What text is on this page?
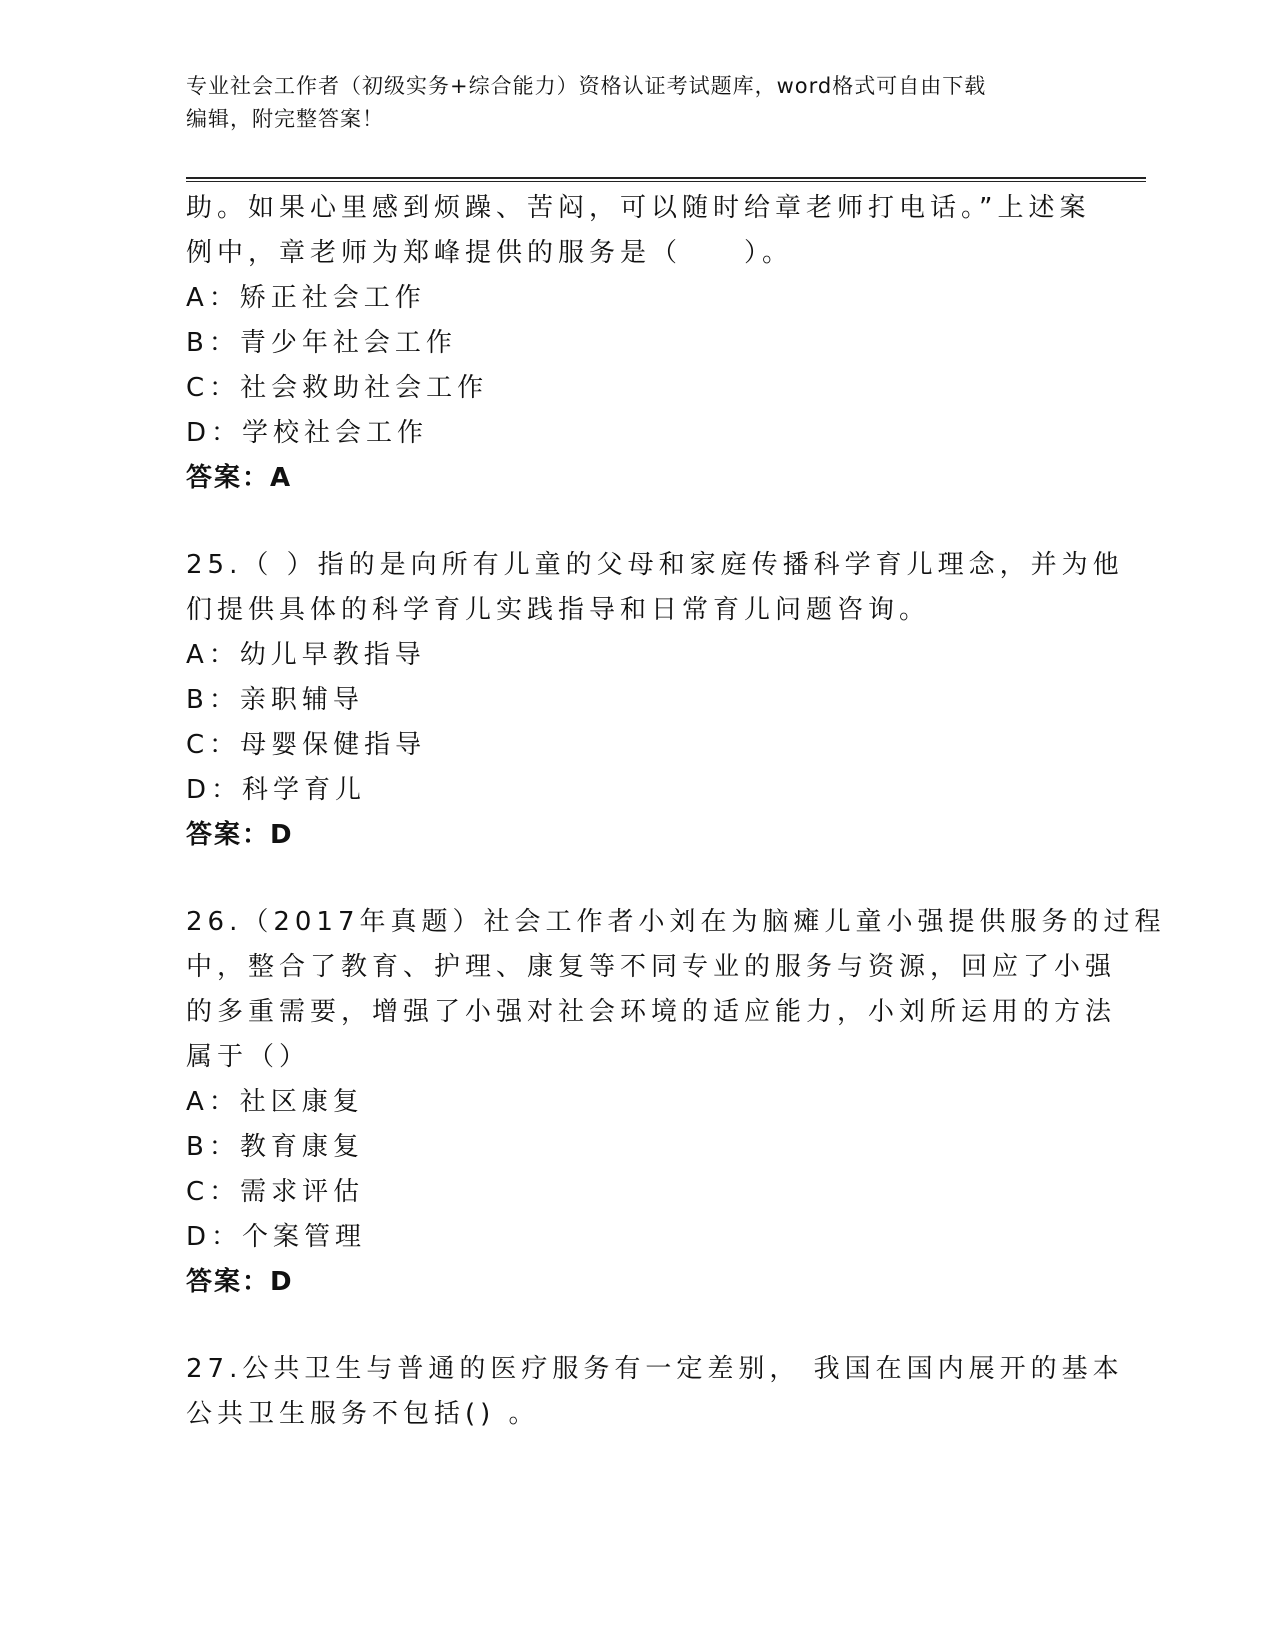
专业社会工作者（初级实务+综合能力）资格认证考试题库，word格式可自由下载
编辑，附完整答案！
助。如果心里感到烦躁、苦闷，可以随时给章老师打电话。”上述案
例中，章老师为郑峰提供的服务是（　　）。
A：矫正社会工作
B：青少年社会工作
C：社会救助社会工作
D：学校社会工作
答案：A
25.（ ）指的是向所有儿童的父母和家庭传播科学育儿理念，并为他
们提供具体的科学育儿实践指导和日常育儿问题咨询。
A：幼儿早教指导
B：亲职辅导
C：母婴保健指导
D：科学育儿
答案：D
26.（2017年真题）社会工作者小刘在为脑瘫儿童小强提供服务的过程
中，整合了教育、护理、康复等不同专业的服务与资源，回应了小强
的多重需要，增强了小强对社会环境的适应能力，小刘所运用的方法
属于（）
A：社区康复
B：教育康复
C：需求评估
D：个案管理
答案：D
27.公共卫生与普通的医疗服务有一定差别， 我国在国内展开的基本
公共卫生服务不包括() 。
